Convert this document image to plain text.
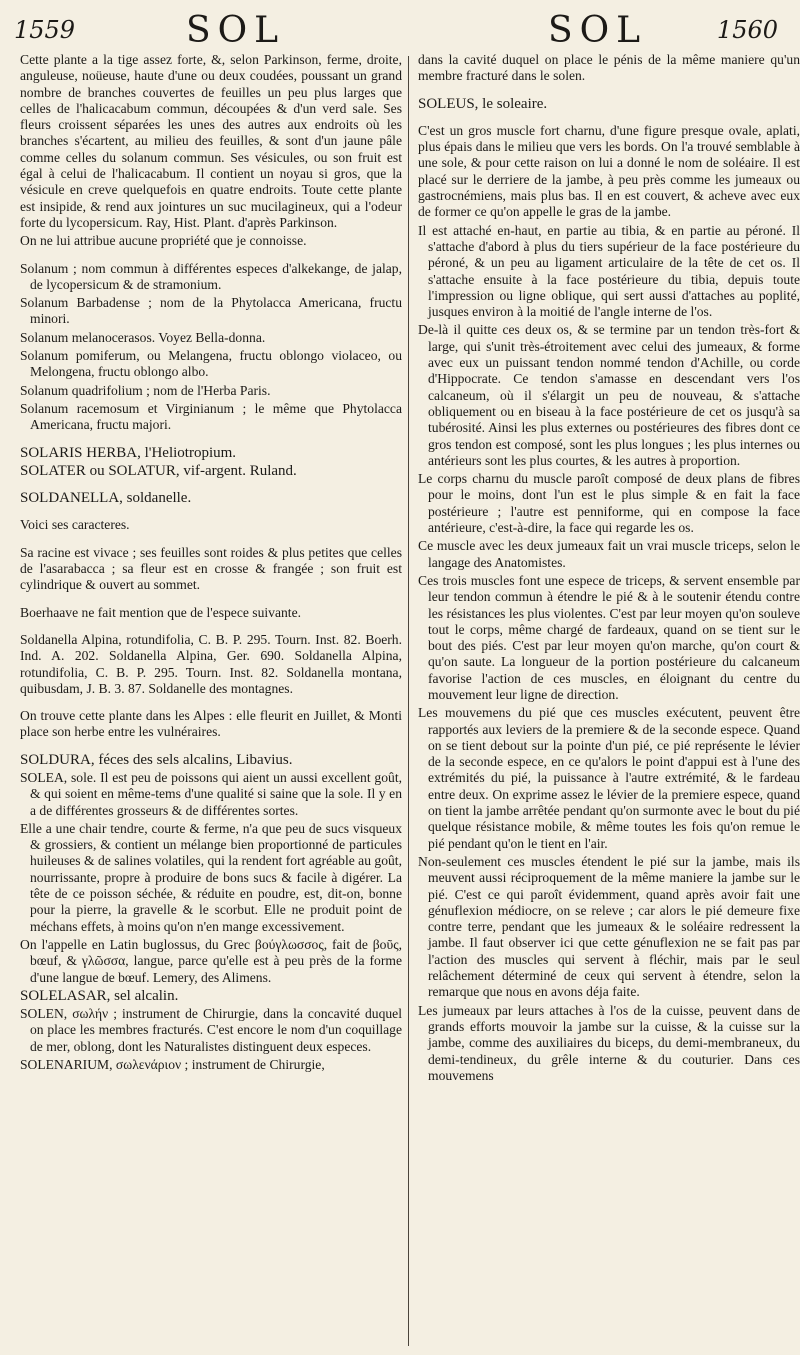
1559	SOL	SOL	1560

Cette plante a la tige assez forte, &, selon Parkinson, ferme, droite, anguleuse, noüeuse, haute d'une ou deux coudées, poussant un grand nombre de branches couvertes de feuilles un peu plus larges que celles de l'halicacabum commun, découpées & d'un verd sale. Ses fleurs croissent séparées les unes des autres aux endroits où les branches s'écartent, au milieu des feuilles, & sont d'un jaune pâle comme celles du solanum commun. Ses vésicules, ou son fruit est égal à celui de l'halicacabum. Il contient un noyau si gros, que la vésicule en creve quelquefois en quatre endroits. Toute cette plante est insipide, & rend aux jointures un suc mucilagineux, qui a l'odeur forte du lycopersicum. Ray, Hist. Plant. d'après Parkinson.

On ne lui attribue aucune propriété que je connoisse.

Solanum ; nom commun à différentes especes d'alkekange, de jalap, de lycopersicum & de stramonium.

Solanum Barbadense ; nom de la Phytolacca Americana, fructu minori.

Solanum melanocerasos. Voyez Bella-donna.

Solanum pomiferum, ou Melangena, fructu oblongo violaceo, ou Melongena, fructu oblongo albo.

Solanum quadrifolium ; nom de l'Herba Paris.

Solanum racemosum et Virginianum ; le même que Phytolacca Americana, fructu majori.

SOLARIS HERBA, l'Heliotropium.

SOLATER ou SOLATUR, vif-argent. Ruland.

SOLDANELLA, soldanelle.

Voici ses caracteres.

Sa racine est vivace ; ses feuilles sont roides & plus petites que celles de l'asarabacca ; sa fleur est en crosse & frangée ; son fruit est cylindrique & ouvert au sommet.

Boerhaave ne fait mention que de l'espece suivante.

Soldanella Alpina, rotundifolia, C. B. P. 295. Tourn. Inst. 82. Boerh. Ind. A. 202. Soldanella Alpina, Ger. 690. Soldanella Alpina, rotundifolia, C. B. P. 295. Tourn. Inst. 82. Soldanella montana, quibusdam, J. B. 3. 87. Soldanelle des montagnes.

On trouve cette plante dans les Alpes : elle fleurit en Juillet, & Monti place son herbe entre les vulnéraires.

SOLDURA, féces des sels alcalins, Libavius.

SOLEA, sole. Il est peu de poissons qui aient un aussi excellent goût, & qui soient en même-tems d'une qualité si saine que la sole. Il y en a de différentes grosseurs & de différentes sortes.

Elle a une chair tendre, courte & ferme, n'a que peu de sucs visqueux & grossiers, & contient un mélange bien proportionné de particules huileuses & de salines volatiles, qui la rendent fort agréable au goût, nourrissante, propre à produire de bons sucs & facile à digérer. La tête de ce poisson séchée, & réduite en poudre, est, dit-on, bonne pour la pierre, la gravelle & le scorbut. Elle ne produit point de méchans effets, à moins qu'on n'en mange excessivement.

On l'appelle en Latin buglossus, du Grec βούγλωσσος, fait de βοῦς, bœuf, & γλῶσσα, langue, parce qu'elle est à peu près de la forme d'une langue de bœuf. Lemery, des Alimens.

SOLELASAR, sel alcalin.

SOLEN, σωλήν ; instrument de Chirurgie, dans la concavité duquel on place les membres fracturés. C'est encore le nom d'un coquillage de mer, oblong, dont les Naturalistes distinguent deux especes.

SOLENARIUM, σωλενάριον ; instrument de Chirurgie,

dans la cavité duquel on place le pénis de la même maniere qu'un membre fracturé dans le solen.

SOLEUS, le soleaire.

C'est un gros muscle fort charnu, d'une figure presque ovale, aplati, plus épais dans le milieu que vers les bords. On l'a trouvé semblable à une sole, & pour cette raison on lui a donné le nom de soléaire. Il est placé sur le derriere de la jambe, à peu près comme les jumeaux ou gastrocnémiens, mais plus bas. Il en est couvert, & acheve avec eux de former ce qu'on appelle le gras de la jambe.

Il est attaché en-haut, en partie au tibia, & en partie au péroné. Il s'attache d'abord à plus du tiers supérieur de la face postérieure du péroné, & un peu au ligament articulaire de la tête de cet os. Il s'attache ensuite à la face postérieure du tibia, depuis toute l'impression ou ligne oblique, qui sert aussi d'attaches au poplité, jusques environ à la moitié de l'angle interne de l'os.

De-là il quitte ces deux os, & se termine par un tendon très-fort & large, qui s'unit très-étroitement avec celui des jumeaux, & forme avec eux un puissant tendon nommé tendon d'Achille, ou corde d'Hippocrate. Ce tendon s'amasse en descendant vers l'os calcaneum, où il s'élargit un peu de nouveau, & s'attache obliquement ou en biseau à la face postérieure de cet os jusqu'à sa tubérosité. Ainsi les plus externes ou postérieures des fibres dont ce gros tendon est composé, sont les plus longues ; les plus internes ou antérieurs sont les plus courtes, & les autres à proportion.

Le corps charnu du muscle paroît composé de deux plans de fibres pour le moins, dont l'un est le plus simple & en fait la face postérieure ; l'autre est penniforme, qui en compose la face antérieure, c'est-à-dire, la face qui regarde les os.

Ce muscle avec les deux jumeaux fait un vrai muscle triceps, selon le langage des Anatomistes.

Ces trois muscles font une espece de triceps, & servent ensemble par leur tendon commun à étendre le pié & à le soutenir étendu contre les résistances les plus violentes. C'est par leur moyen qu'on souleve tout le corps, même chargé de fardeaux, quand on se tient sur le bout des piés. C'est par leur moyen qu'on marche, qu'on court & qu'on saute. La longueur de la portion postérieure du calcaneum favorise l'action de ces muscles, en éloignant du centre du mouvement leur ligne de direction.

Les mouvemens du pié que ces muscles exécutent, peuvent être rapportés aux leviers de la premiere & de la seconde espece. Quand on se tient debout sur la pointe d'un pié, ce pié représente le lévier de la seconde espece, en ce qu'alors le point d'appui est à l'une des extrémités du pié, la puissance à l'autre extrémité, & le fardeau entre deux. On exprime assez le lévier de la premiere espece, quand on tient la jambe arrêtée pendant qu'on surmonte avec le bout du pié quelque résistance mobile, & même toutes les fois qu'on remue le pié pendant qu'on le tient en l'air.

Non-seulement ces muscles étendent le pié sur la jambe, mais ils meuvent aussi réciproquement de la même maniere la jambe sur le pié. C'est ce qui paroît évidemment, quand après avoir fait une génuflexion médiocre, on se releve ; car alors le pié demeure fixe contre terre, pendant que les jumeaux & le soléaire redressent la jambe. Il faut observer ici que cette génuflexion ne se fait pas par l'action des muscles qui servent à fléchir, mais par le seul relâchement déterminé de ceux qui servent à étendre, selon la remarque que nous en avons déja faite.

Les jumeaux par leurs attaches à l'os de la cuisse, peuvent dans de grands efforts mouvoir la jambe sur la cuisse, & la cuisse sur la jambe, comme des auxiliaires du biceps, du demi-membraneux, du demi-tendineux, du grêle interne & du couturier. Dans ces mouvemens
